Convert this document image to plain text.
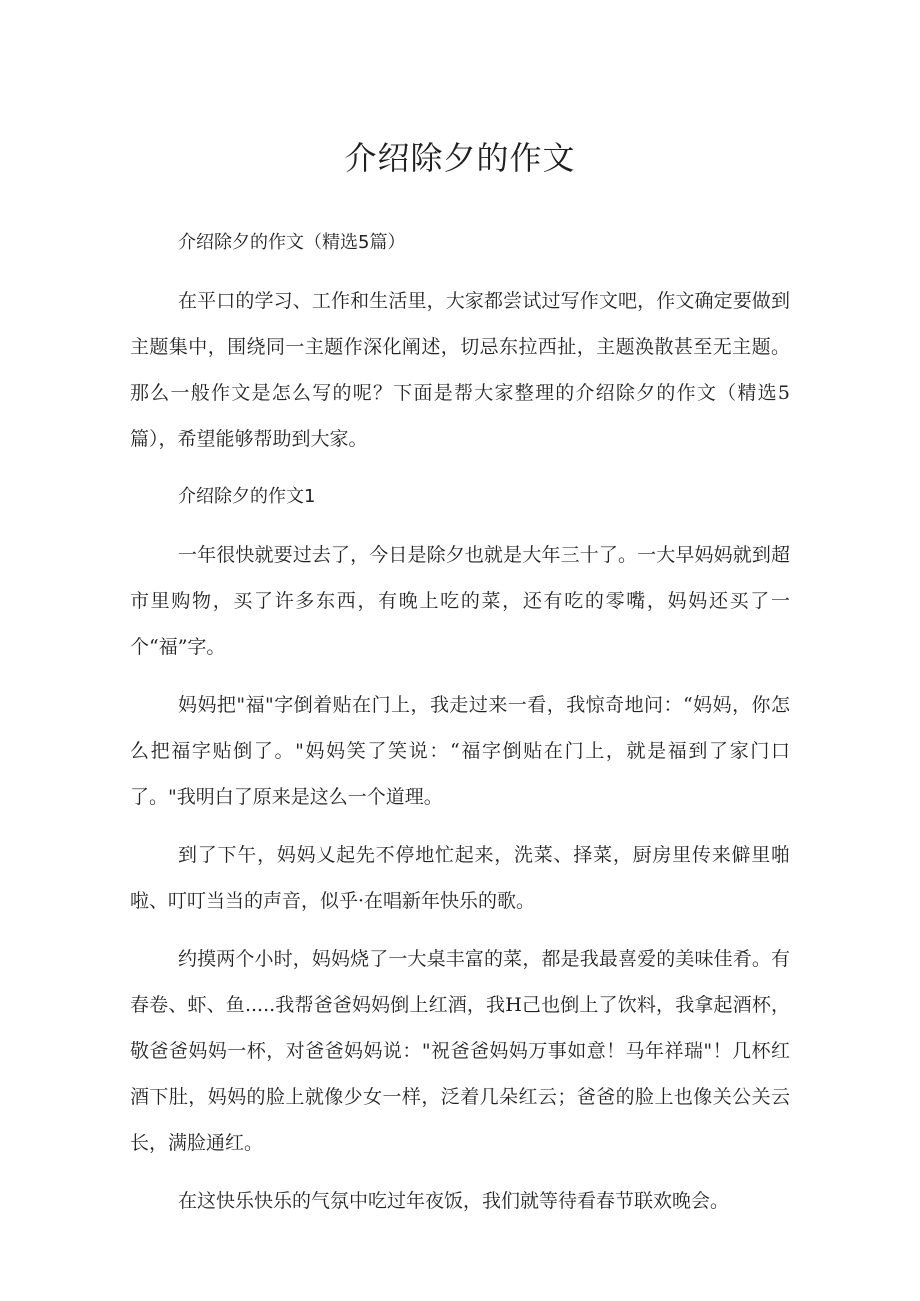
介绍除夕的作文

介绍除夕的作文（精选5篇）

在平口的学习、工作和生活里，大家都尝试过写作文吧，作文确定要做到主题集中，围绕同一主题作深化阐述，切忌东拉西扯，主题涣散甚至无主题。那么一般作文是怎么写的呢？下面是帮大家整理的介绍除夕的作文（精选5篇），希望能够帮助到大家。

介绍除夕的作文1

一年很快就要过去了，今日是除夕也就是大年三十了。一大早妈妈就到超市里购物，买了许多东西，有晚上吃的菜，还有吃的零嘴，妈妈还买了一个“福”字。

妈妈把"福"字倒着贴在门上，我走过来一看，我惊奇地问：“妈妈，你怎么把福字贴倒了。"妈妈笑了笑说：“福字倒贴在门上，就是福到了家门口了。"我明白了原来是这么一个道理。

到了下午，妈妈乂起先不停地忙起来，洗菜、择菜，厨房里传来僻里啪啦、叮叮当当的声音，似乎·在唱新年快乐的歌。

约摸两个小时，妈妈烧了一大桌丰富的菜，都是我最喜爱的美味佳肴。有春卷、虾、鱼.....我帮爸爸妈妈倒上红酒，我H己也倒上了饮料，我拿起酒杯，敬爸爸妈妈一杯，对爸爸妈妈说："祝爸爸妈妈万事如意！马年祥瑞"！几杯红酒下肚，妈妈的脸上就像少女一样，泛着几朵红云；爸爸的脸上也像关公关云长，满脸通红。

在这快乐快乐的气氛中吃过年夜饭，我们就等待看春节联欢晚会。
